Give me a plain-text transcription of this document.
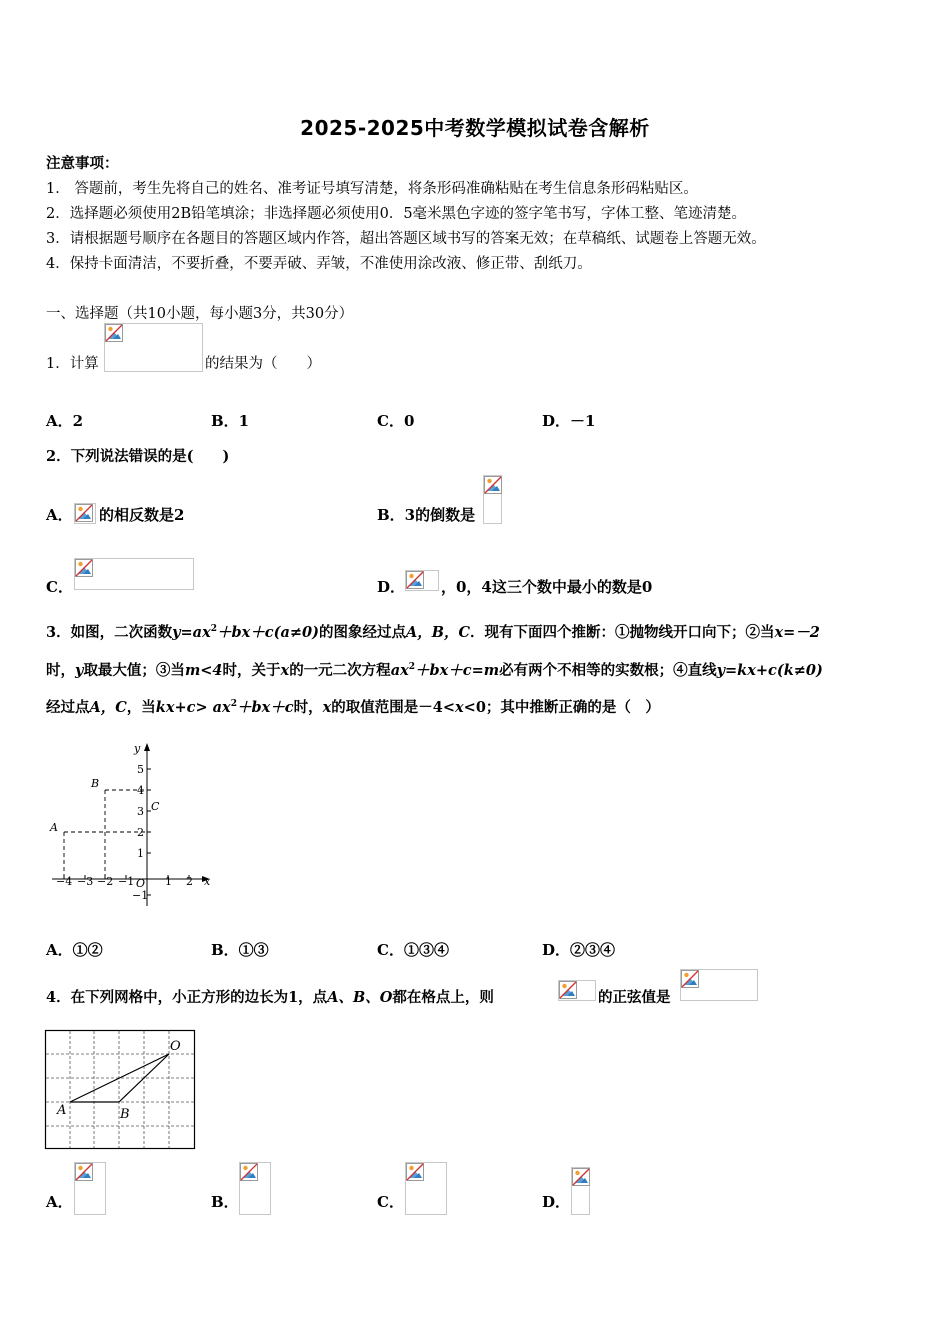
2025-2025中考数学模拟试卷含解析
注意事项：
1． 答题前，考生先将自己的姓名、准考证号填写清楚，将条形码准确粘贴在考生信息条形码粘贴区。
2．选择题必须使用2B铅笔填涂；非选择题必须使用0．5毫米黑色字迹的签字笔书写，字体工整、笔迹清楚。
3．请根据题号顺序在各题目的答题区域内作答，超出答题区域书写的答案无效；在草稿纸、试题卷上答题无效。
4．保持卡面清洁，不要折叠，不要弄破、弄皱，不准使用涂改液、修正带、刮纸刀。
一、选择题（共10小题，每小题3分，共30分）
1．计算	的结果为（　　）
A．2	B．1	C．0	D．－1
2．下列说法错误的是(　　)
A． 的相反数是2	B．3的倒数是
C．	D． ，0，4这三个数中最小的数是0
3．如图，二次函数$y=ax^2+bx+c(a\ne 0)$的图象经过点A，B，C．现有下面四个推断：①抛物线开口向下；②当x=－2
时，y取最大值；③当m<4时，关于x的一元二次方程$ax^2+bx+c=m$必有两个不相等的实数根；④直线y=kx+c(k≠0)
经过点A，C，当$kx+c> ax^2+bx+c$时，x的取值范围是－4<x<0；其中推断正确的是（　）
y
x
O
5
4
3
2
1
−1
−4 −3 −2 −1	1 2
A
B
C
A．①②	B．①③	C．①③④	D．②③④
4．在下列网格中，小正方形的边长为1，点A、B、O都在格点上，则	的正弦值是
O
A	B
A．	B．	C．	D．
